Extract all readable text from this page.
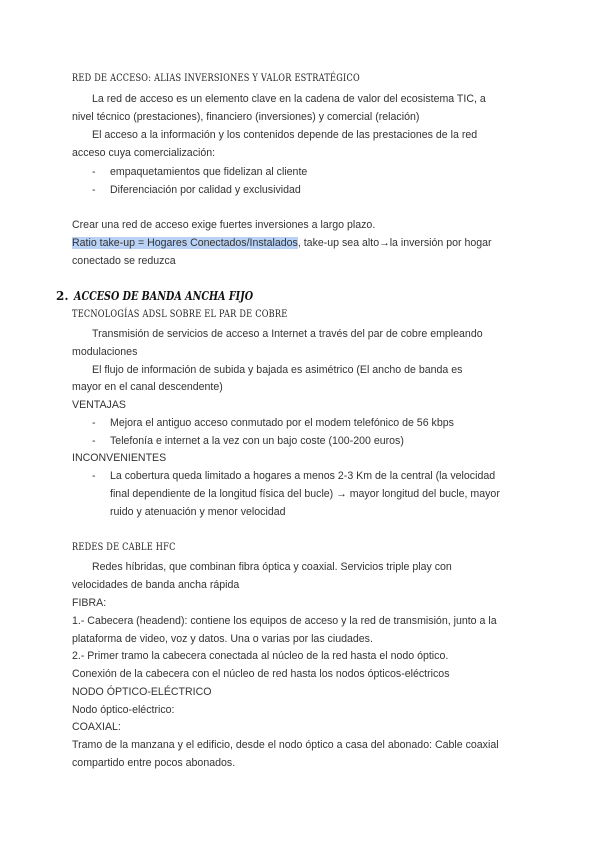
RED DE ACCESO: ALIAS INVERSIONES Y VALOR ESTRATÉGICO
La red de acceso es un elemento clave en la cadena de valor del ecosistema TIC, a
nivel técnico (prestaciones), financiero (inversiones) y comercial (relación)
El acceso a la información y los contenidos depende de las prestaciones de la red
acceso cuya comercialización:
- empaquetamientos que fidelizan al cliente
- Diferenciación por calidad y exclusividad
Crear una red de acceso exige fuertes inversiones a largo plazo.
Ratio take-up = Hogares Conectados/Instalados, take-up sea alto→la inversión por hogar
conectado se reduzca
2. ACCESO DE BANDA ANCHA FIJO
TECNOLOGÍAS ADSL SOBRE EL PAR DE COBRE
Transmisión de servicios de acceso a Internet a través del par de cobre empleando
modulaciones
El flujo de información de subida y bajada es asimétrico (El ancho de banda es
mayor en el canal descendente)
VENTAJAS
- Mejora el antiguo acceso conmutado por el modem telefónico de 56 kbps
- Telefonía e internet a la vez con un bajo coste (100-200 euros)
INCONVENIENTES
- La cobertura queda limitado a hogares a menos 2-3 Km de la central (la velocidad
final dependiente de la longitud física del bucle) → mayor longitud del bucle, mayor
ruido y atenuación y menor velocidad
REDES DE CABLE HFC
Redes híbridas, que combinan fibra óptica y coaxial. Servicios triple play con
velocidades de banda ancha rápida
FIBRA:
1.- Cabecera (headend): contiene los equipos de acceso y la red de transmisión, junto a la
plataforma de video, voz y datos. Una o varias por las ciudades.
2.- Primer tramo la cabecera conectada al núcleo de la red hasta el nodo óptico.
Conexión de la cabecera con el núcleo de red hasta los nodos ópticos-eléctricos
NODO ÓPTICO-ELÉCTRICO
Nodo óptico-eléctrico:
COAXIAL:
Tramo de la manzana y el edificio, desde el nodo óptico a casa del abonado: Cable coaxial
compartido entre pocos abonados.
